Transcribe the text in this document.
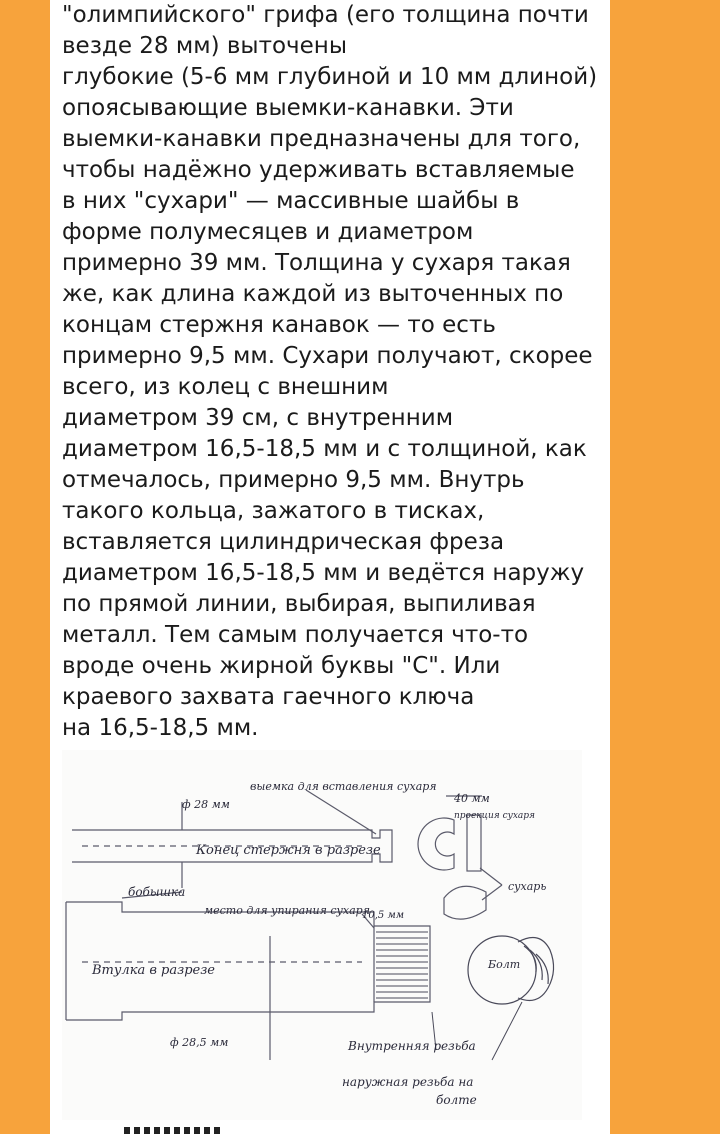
"олимпийского" грифа (его толщина почти
везде 28 мм) выточены
глубокие (5-6 мм глубиной и 10 мм длиной)
опоясывающие выемки-канавки. Эти
выемки-канавки предназначены для того,
чтобы надёжно удерживать вставляемые
в них "сухари" — массивные шайбы в
форме полумесяцев и диаметром
примерно 39 мм. Толщина у сухаря такая
же, как длина каждой из выточенных по
концам стержня канавок — то есть
примерно 9,5 мм. Сухари получают, скорее
всего, из колец с внешним
диаметром 39 см, с внутренним
диаметром 16,5-18,5 мм и с толщиной, как
отмечалось, примерно 9,5 мм. Внутрь
такого кольца, зажатого в тисках,
вставляется цилиндрическая фреза
диаметром 16,5-18,5 мм и ведётся наружу
по прямой линии, выбирая, выпиливая
металл. Тем самым получается что-то
вроде очень жирной буквы "С". Или
краевого захвата гаечного ключа
на 16,5-18,5 мм.
выемка для вставления сухаря
ф 28 мм
Конец стержня в разрезе
40 мм
проекция сухаря
сухарь
бобышка
место для упирания сухаря
10,5 мм
Втулка в разрезе	Болт
ф 28,5 мм	Внутренняя резьба
наружная резьба на
болте
